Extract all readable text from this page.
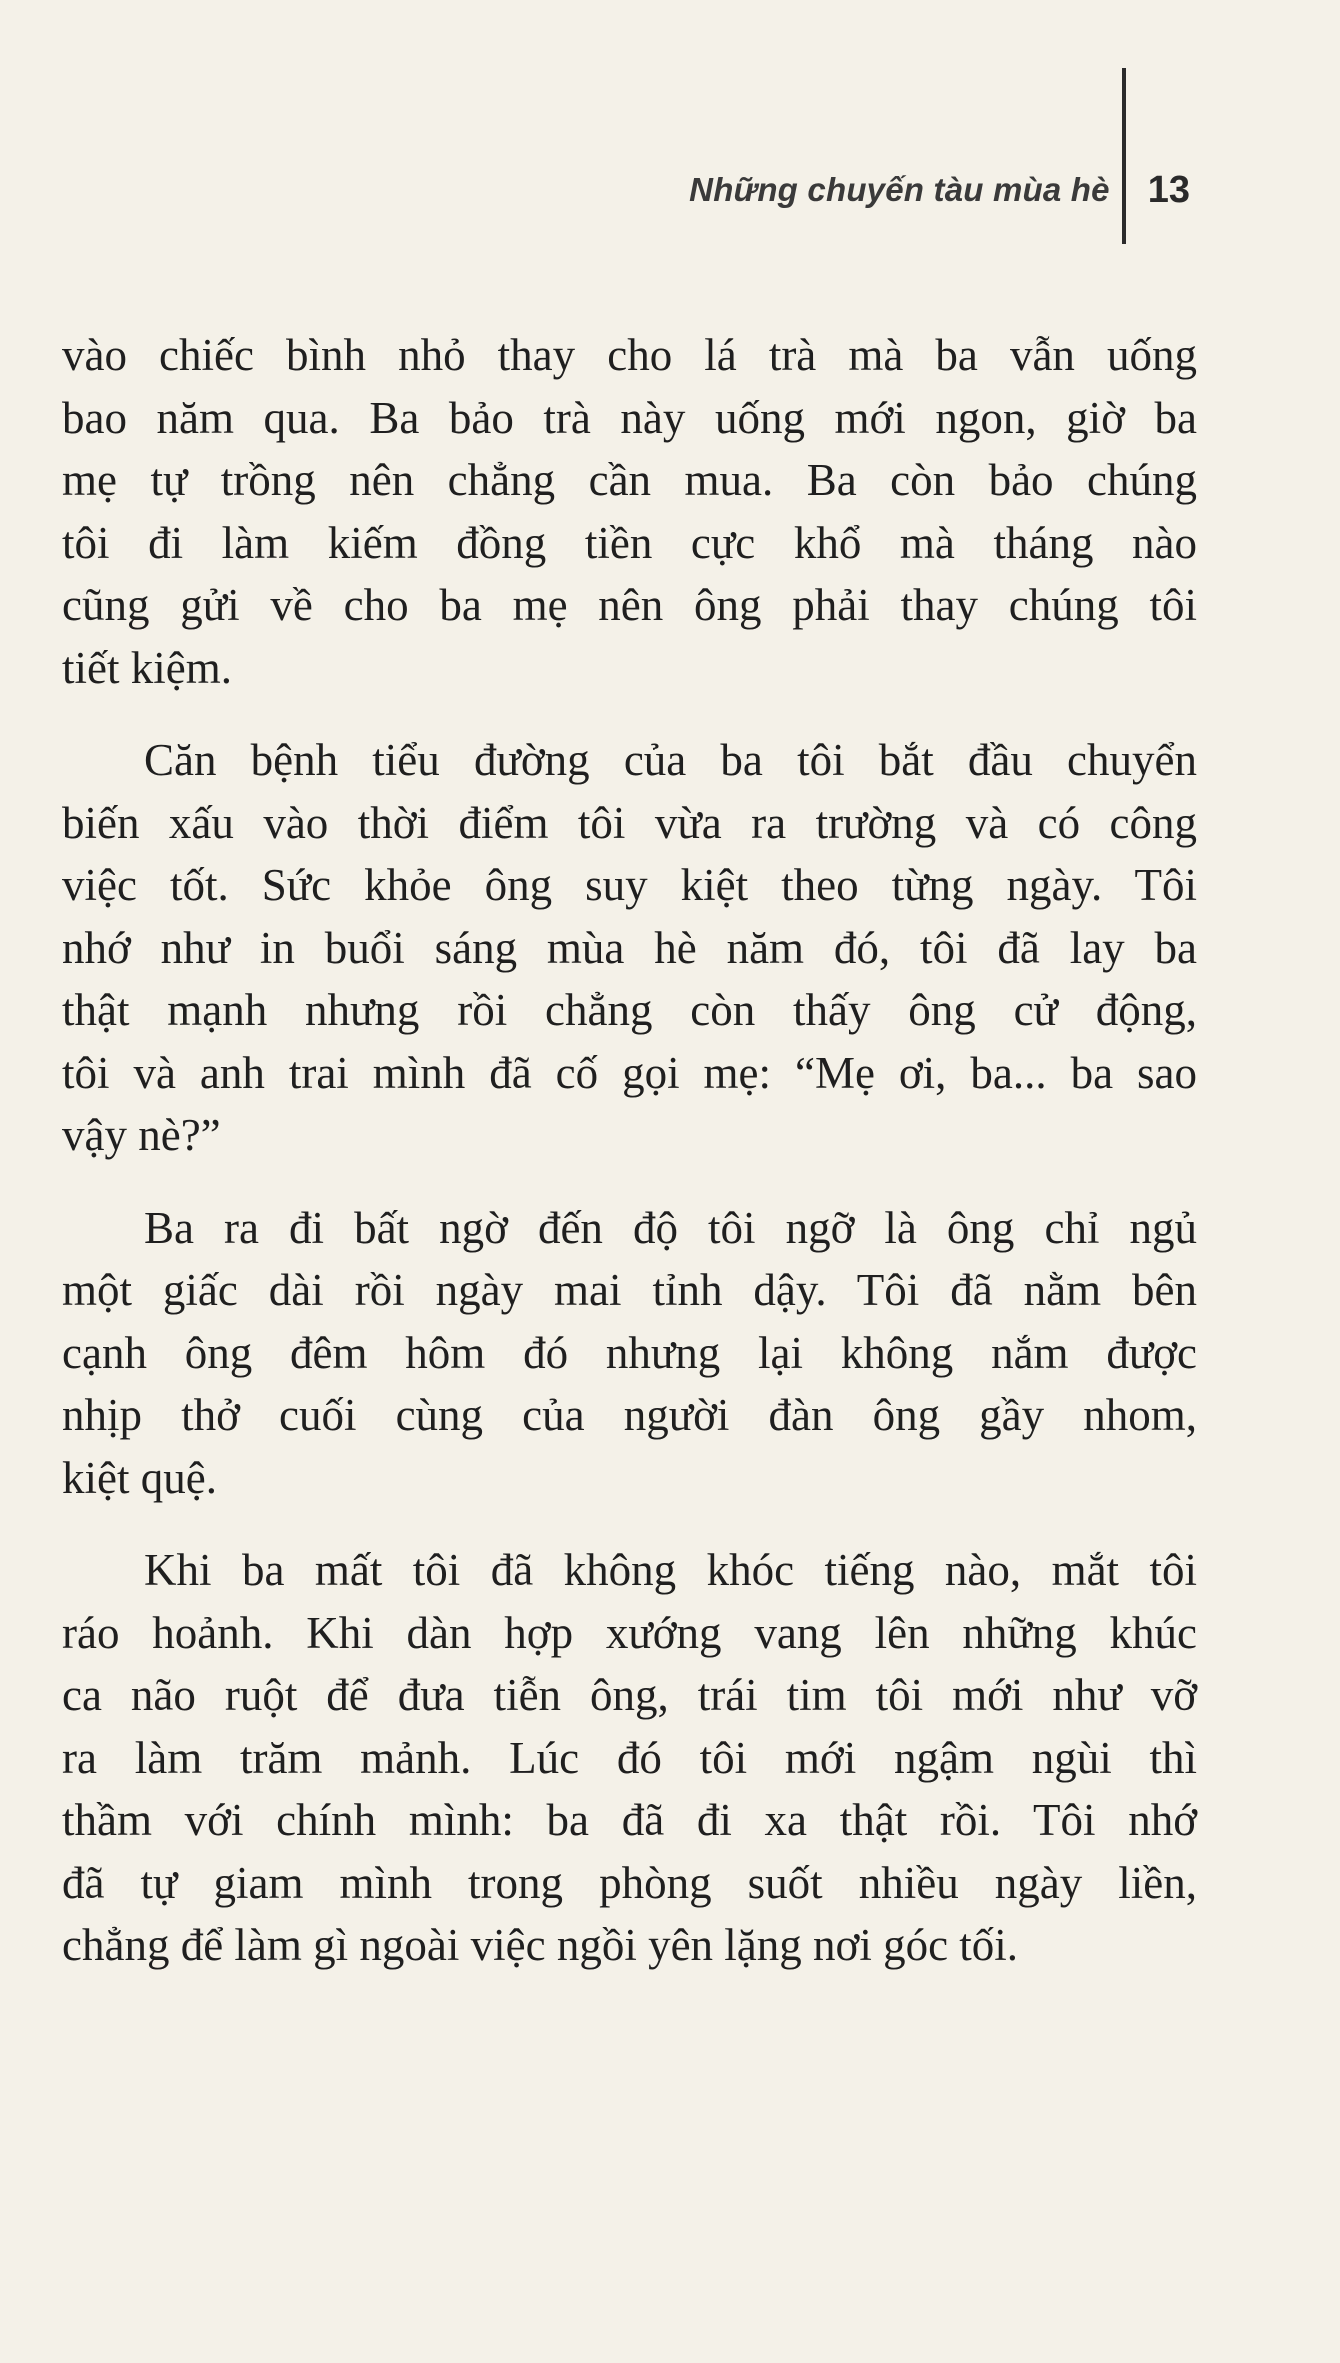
Những chuyến tàu mùa hè 13
vào chiếc bình nhỏ thay cho lá trà mà ba vẫn uống
bao năm qua. Ba bảo trà này uống mới ngon, giờ ba
mẹ tự trồng nên chẳng cần mua. Ba còn bảo chúng
tôi đi làm kiếm đồng tiền cực khổ mà tháng nào
cũng gửi về cho ba mẹ nên ông phải thay chúng tôi
tiết kiệm.
Căn bệnh tiểu đường của ba tôi bắt đầu chuyển
biến xấu vào thời điểm tôi vừa ra trường và có công
việc tốt. Sức khỏe ông suy kiệt theo từng ngày. Tôi
nhớ như in buổi sáng mùa hè năm đó, tôi đã lay ba
thật mạnh nhưng rồi chẳng còn thấy ông cử động,
tôi và anh trai mình đã cố gọi mẹ: “Mẹ ơi, ba... ba sao
vậy nè?”
Ba ra đi bất ngờ đến độ tôi ngỡ là ông chỉ ngủ
một giấc dài rồi ngày mai tỉnh dậy. Tôi đã nằm bên
cạnh ông đêm hôm đó nhưng lại không nắm được
nhịp thở cuối cùng của người đàn ông gầy nhom,
kiệt quệ.
Khi ba mất tôi đã không khóc tiếng nào, mắt tôi
ráo hoảnh. Khi dàn hợp xướng vang lên những khúc
ca não ruột để đưa tiễn ông, trái tim tôi mới như vỡ
ra làm trăm mảnh. Lúc đó tôi mới ngậm ngùi thì
thầm với chính mình: ba đã đi xa thật rồi. Tôi nhớ
đã tự giam mình trong phòng suốt nhiều ngày liền,
chẳng để làm gì ngoài việc ngồi yên lặng nơi góc tối.
